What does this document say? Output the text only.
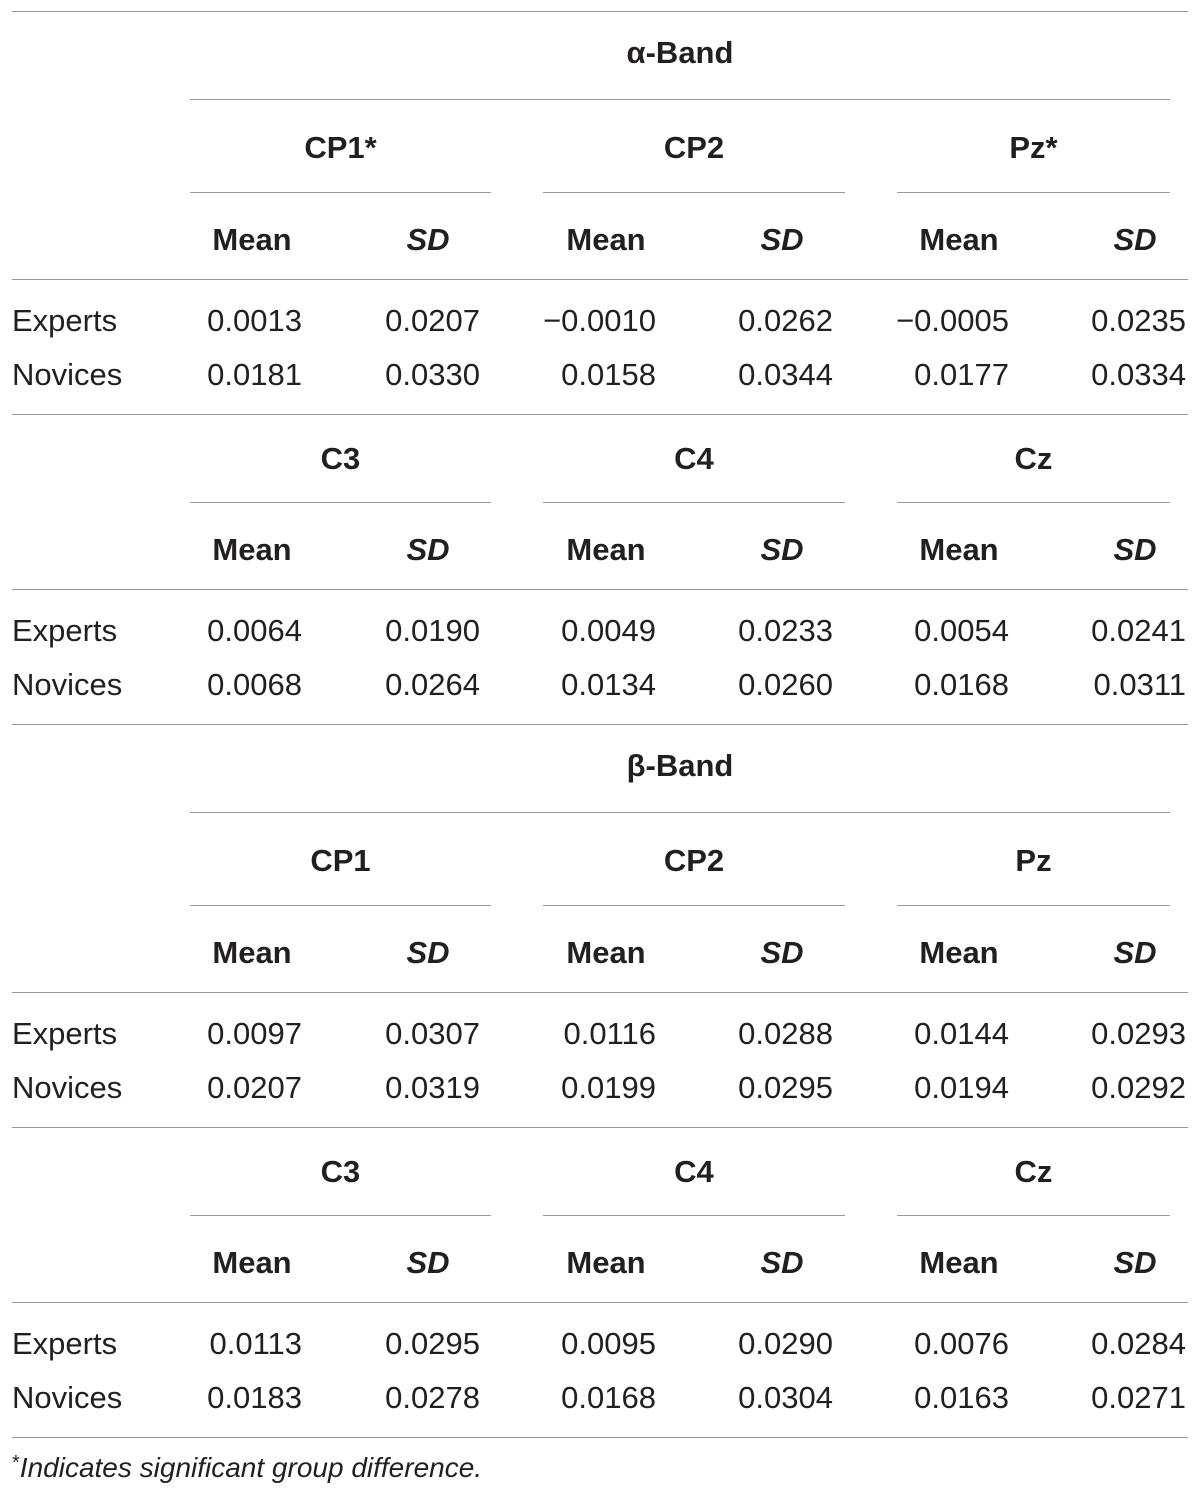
α-Band
CP1*	CP2	Pz*
Mean	SD	Mean	SD	Mean	SD
Experts	0.0013	0.0207	−0.0010	0.0262	−0.0005	0.0235
Novices	0.0181	0.0330	0.0158	0.0344	0.0177	0.0334
C3	C4	Cz
Mean	SD	Mean	SD	Mean	SD
Experts	0.0064	0.0190	0.0049	0.0233	0.0054	0.0241
Novices	0.0068	0.0264	0.0134	0.0260	0.0168	0.0311
β-Band
CP1	CP2	Pz
Mean	SD	Mean	SD	Mean	SD
Experts	0.0097	0.0307	0.0116	0.0288	0.0144	0.0293
Novices	0.0207	0.0319	0.0199	0.0295	0.0194	0.0292
C3	C4	Cz
Mean	SD	Mean	SD	Mean	SD
Experts	0.0113	0.0295	0.0095	0.0290	0.0076	0.0284
Novices	0.0183	0.0278	0.0168	0.0304	0.0163	0.0271
*Indicates significant group difference.
